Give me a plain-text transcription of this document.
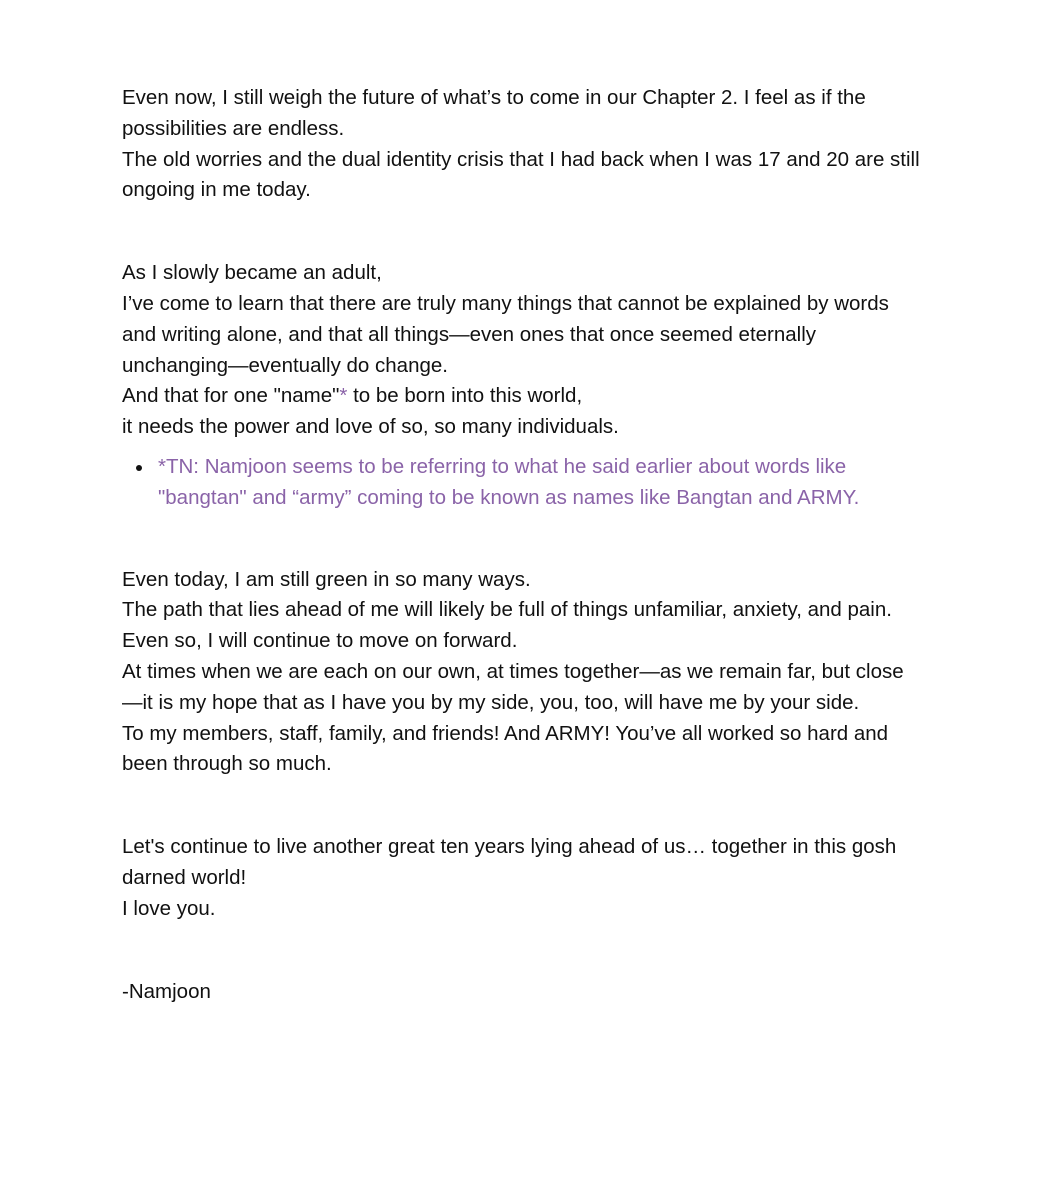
Even now, I still weigh the future of what’s to come in our Chapter 2. I feel as if the
possibilities are endless.
The old worries and the dual identity crisis that I had back when I was 17 and 20 are still
ongoing in me today.

As I slowly became an adult,
I’ve come to learn that there are truly many things that cannot be explained by words
and writing alone, and that all things—even ones that once seemed eternally
unchanging—eventually do change.
And that for one "name"* to be born into this world,
it needs the power and love of so, so many individuals.

*TN: Namjoon seems to be referring to what he said earlier about words like
"bangtan" and “army” coming to be known as names like Bangtan and ARMY.

Even today, I am still green in so many ways.
The path that lies ahead of me will likely be full of things unfamiliar, anxiety, and pain.
Even so, I will continue to move on forward.
At times when we are each on our own, at times together—as we remain far, but close
—it is my hope that as I have you by my side, you, too, will have me by your side.
To my members, staff, family, and friends! And ARMY! You’ve all worked so hard and
been through so much.

Let's continue to live another great ten years lying ahead of us… together in this gosh
darned world!
I love you.

-Namjoon
